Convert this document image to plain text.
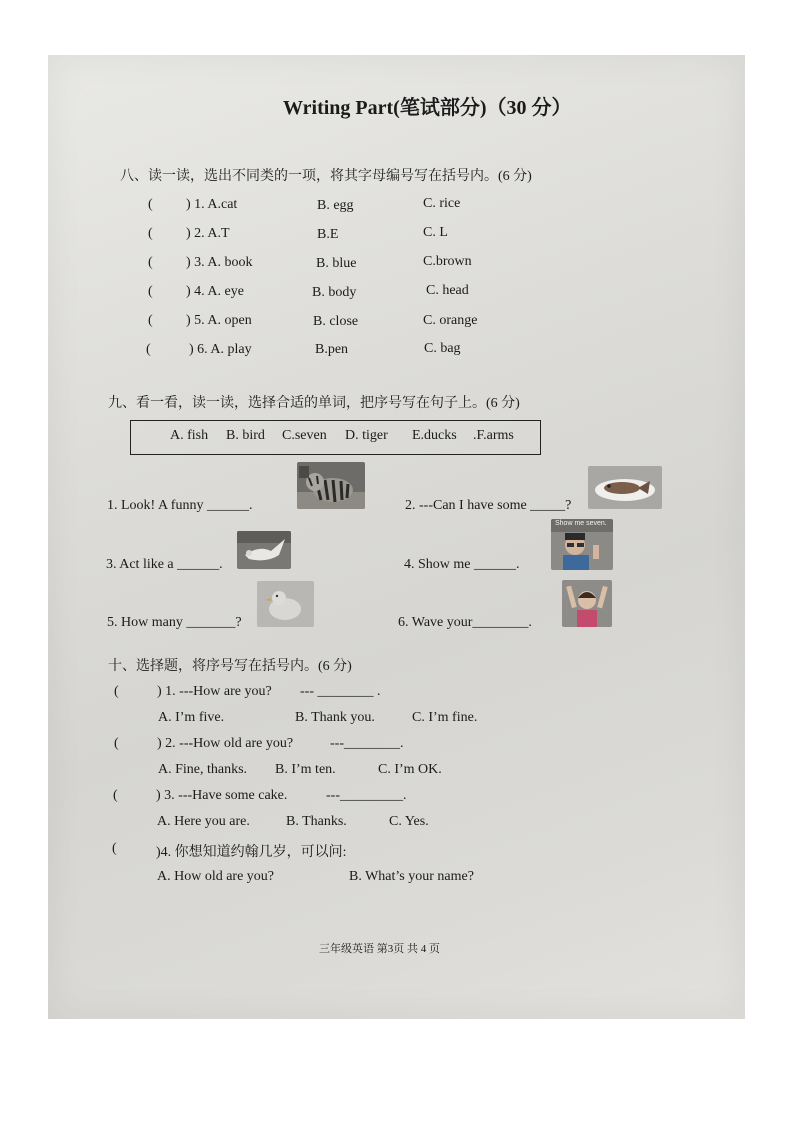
Writing Part(笔试部分)（30 分）
八、读一读，选出不同类的一项，将其字母编号写在括号内。(6 分)
( ) 1. A.cat	B. egg	C. rice
( ) 2. A.T	B.E	C. L
( ) 3. A. book	B. blue	C.brown
( ) 4. A. eye	B. body	C. head
( ) 5. A. open	B. close	C. orange
(	) 6. A. play	B.pen	C. bag
九、看一看，读一读，选择合适的单词，把序号写在句子上。(6 分)
A. fish B. bird C.seven D. tiger E.ducks .F.arms
1. Look! A funny ______.	2. ---Can I have some _____?
3. Act like a ______.	4. Show me ______.
5. How many _______?	6. Wave your________.
Show me seven.
十、选择题，将序号写在括号内。(6 分)
(	) 1. ---How are you? --- ________ .
A. I’m five.	B. Thank you.	C. I’m fine.
(	) 2. ---How old are you?	---________.
A. Fine, thanks. B. I’m ten.	C. I’m OK.
(	) 3. ---Have some cake.	---_________.
A. Here you are.	B. Thanks.	C. Yes.
(	)4. 你想知道约翰几岁，可以问:
A. How old are you?	B. What’s your name?
三年级英语 第3页 共 4 页
